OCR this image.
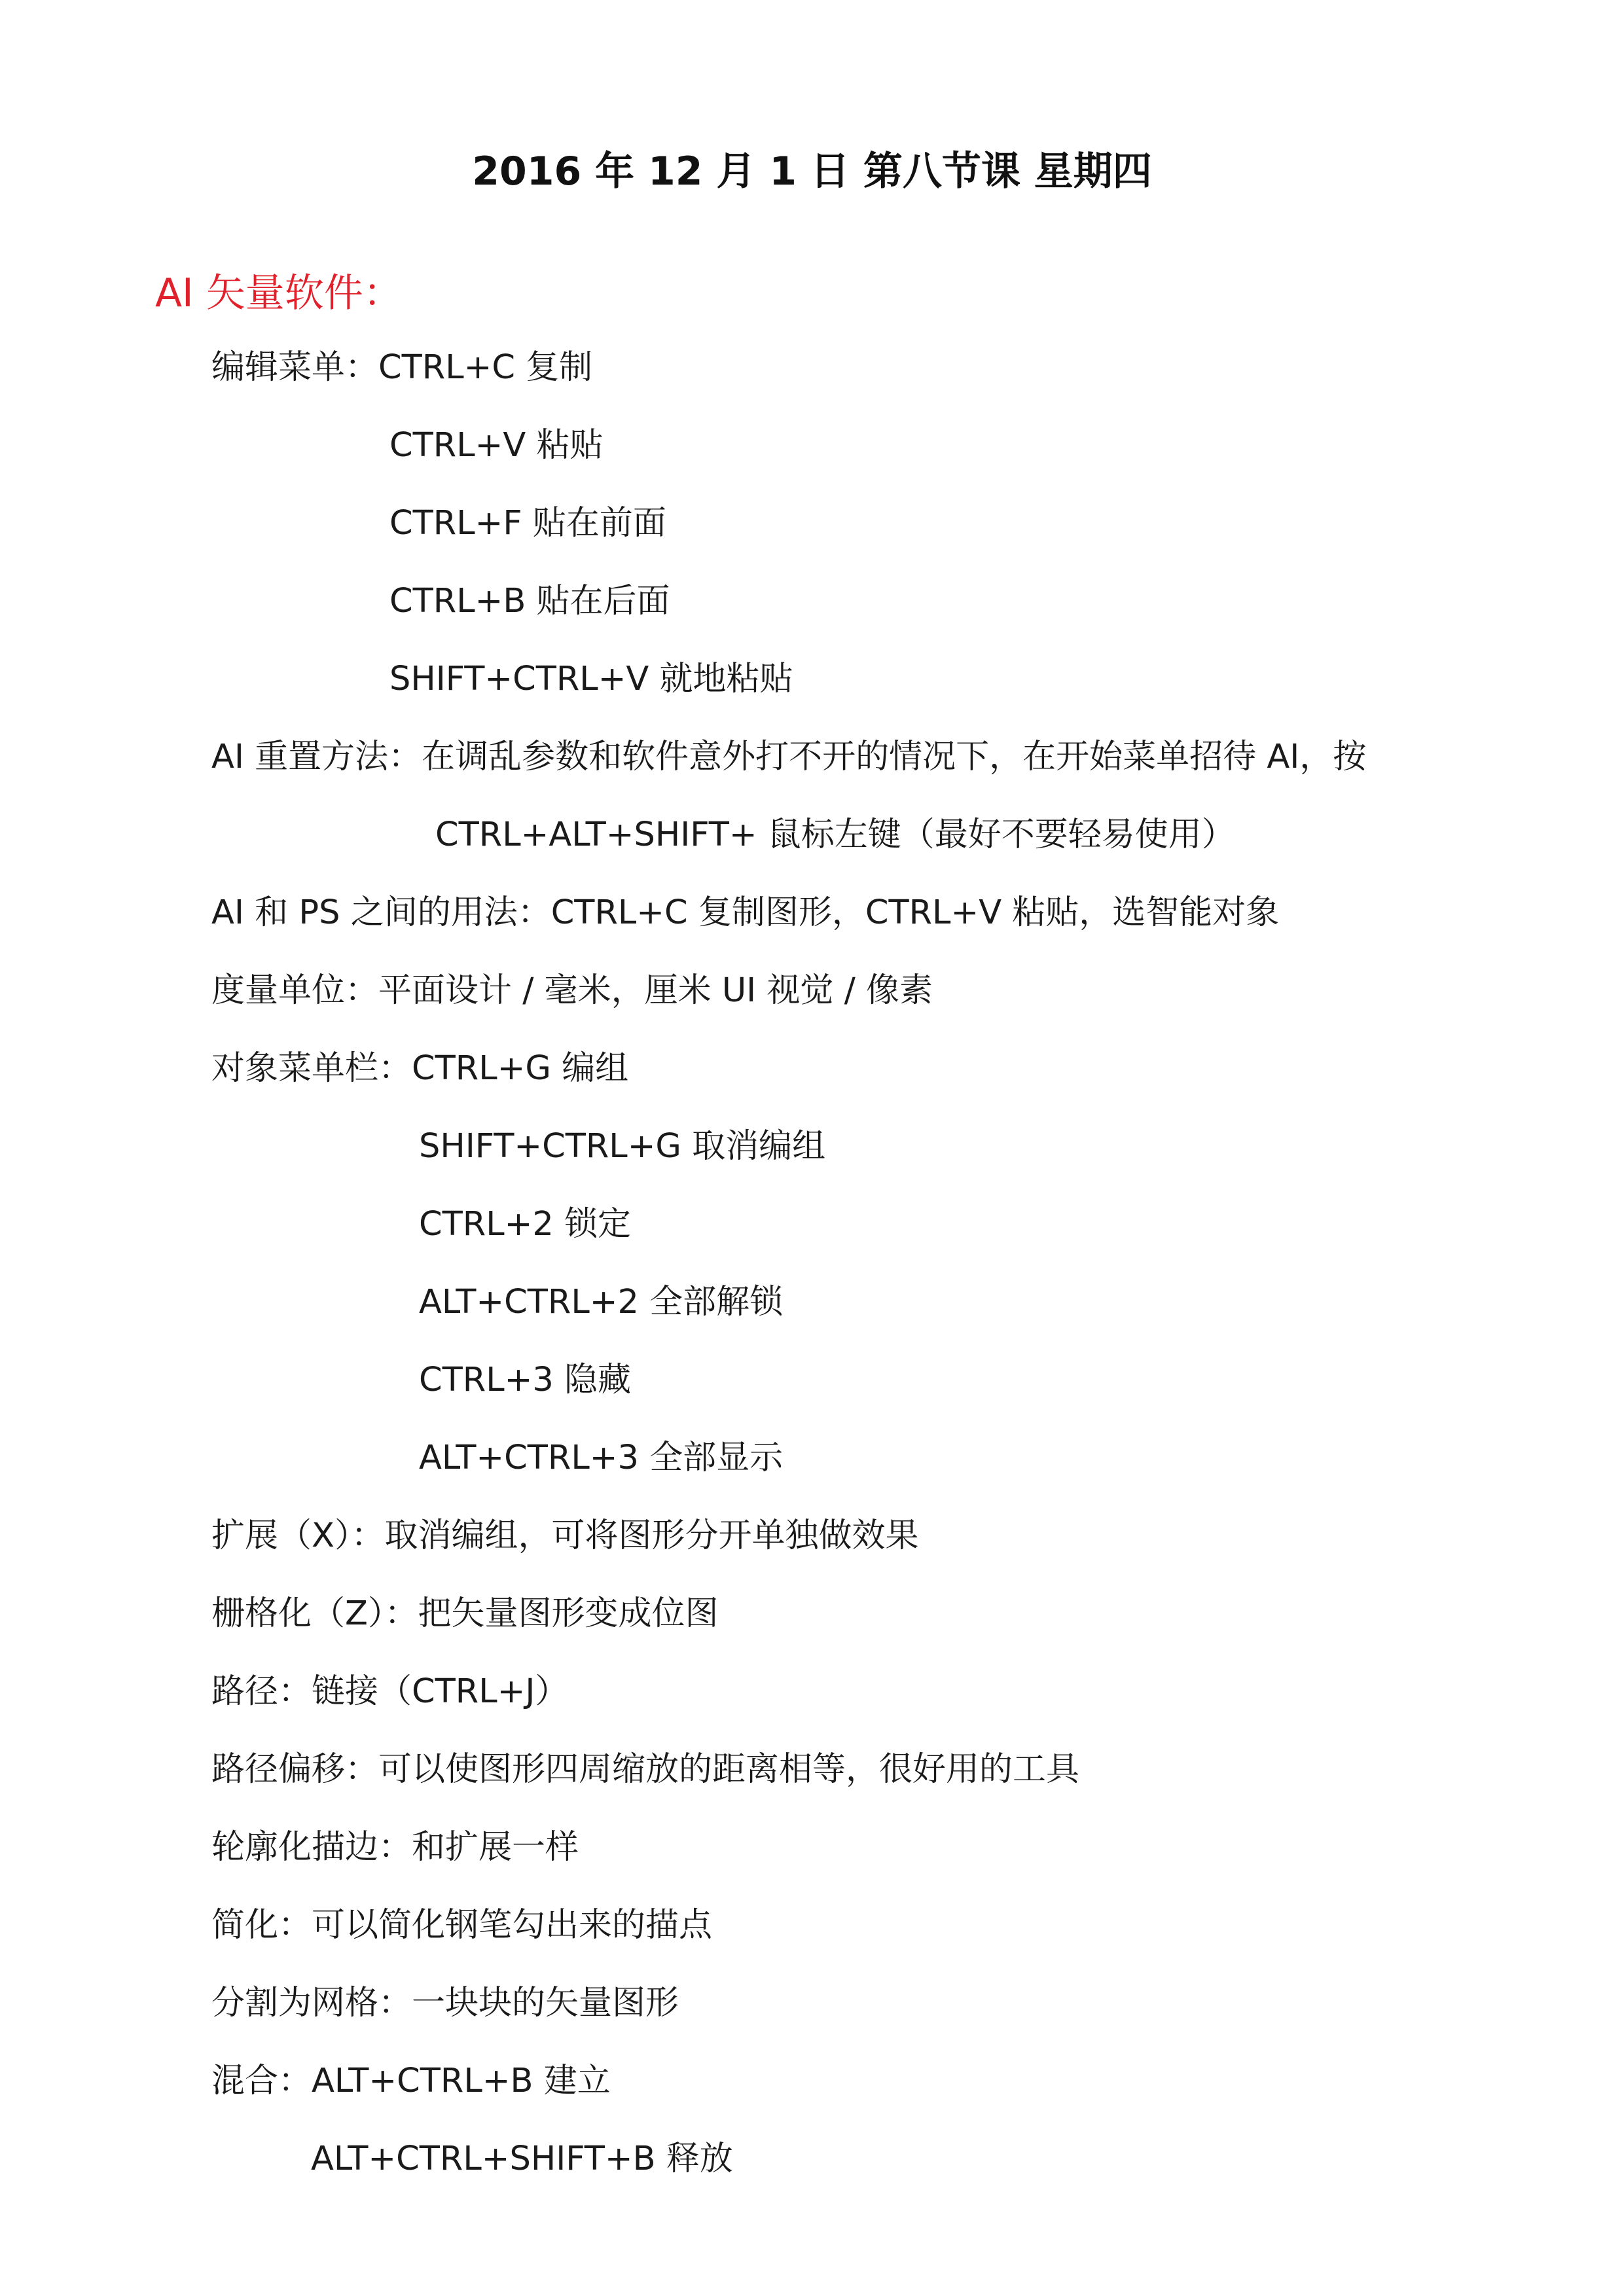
2016 年 12 月 1 日 第八节课 星期四
AI 矢量软件：
编辑菜单：CTRL+C 复制
CTRL+V 粘贴
CTRL+F 贴在前面
CTRL+B 贴在后面
SHIFT+CTRL+V 就地粘贴
AI 重置方法：在调乱参数和软件意外打不开的情况下，在开始菜单招待 AI，按
CTRL+ALT+SHIFT+ 鼠标左键（最好不要轻易使用）
AI 和 PS 之间的用法：CTRL+C 复制图形，CTRL+V 粘贴，选智能对象
度量单位：平面设计 / 毫米，厘米 UI 视觉 / 像素
对象菜单栏：CTRL+G 编组
SHIFT+CTRL+G 取消编组
CTRL+2 锁定
ALT+CTRL+2 全部解锁
CTRL+3 隐藏
ALT+CTRL+3 全部显示
扩展（X）：取消编组，可将图形分开单独做效果
栅格化（Z）：把矢量图形变成位图
路径：链接（CTRL+J）
路径偏移：可以使图形四周缩放的距离相等，很好用的工具
轮廓化描边：和扩展一样
简化：可以简化钢笔勾出来的描点
分割为网格：一块块的矢量图形
混合：ALT+CTRL+B 建立
ALT+CTRL+SHIFT+B 释放
